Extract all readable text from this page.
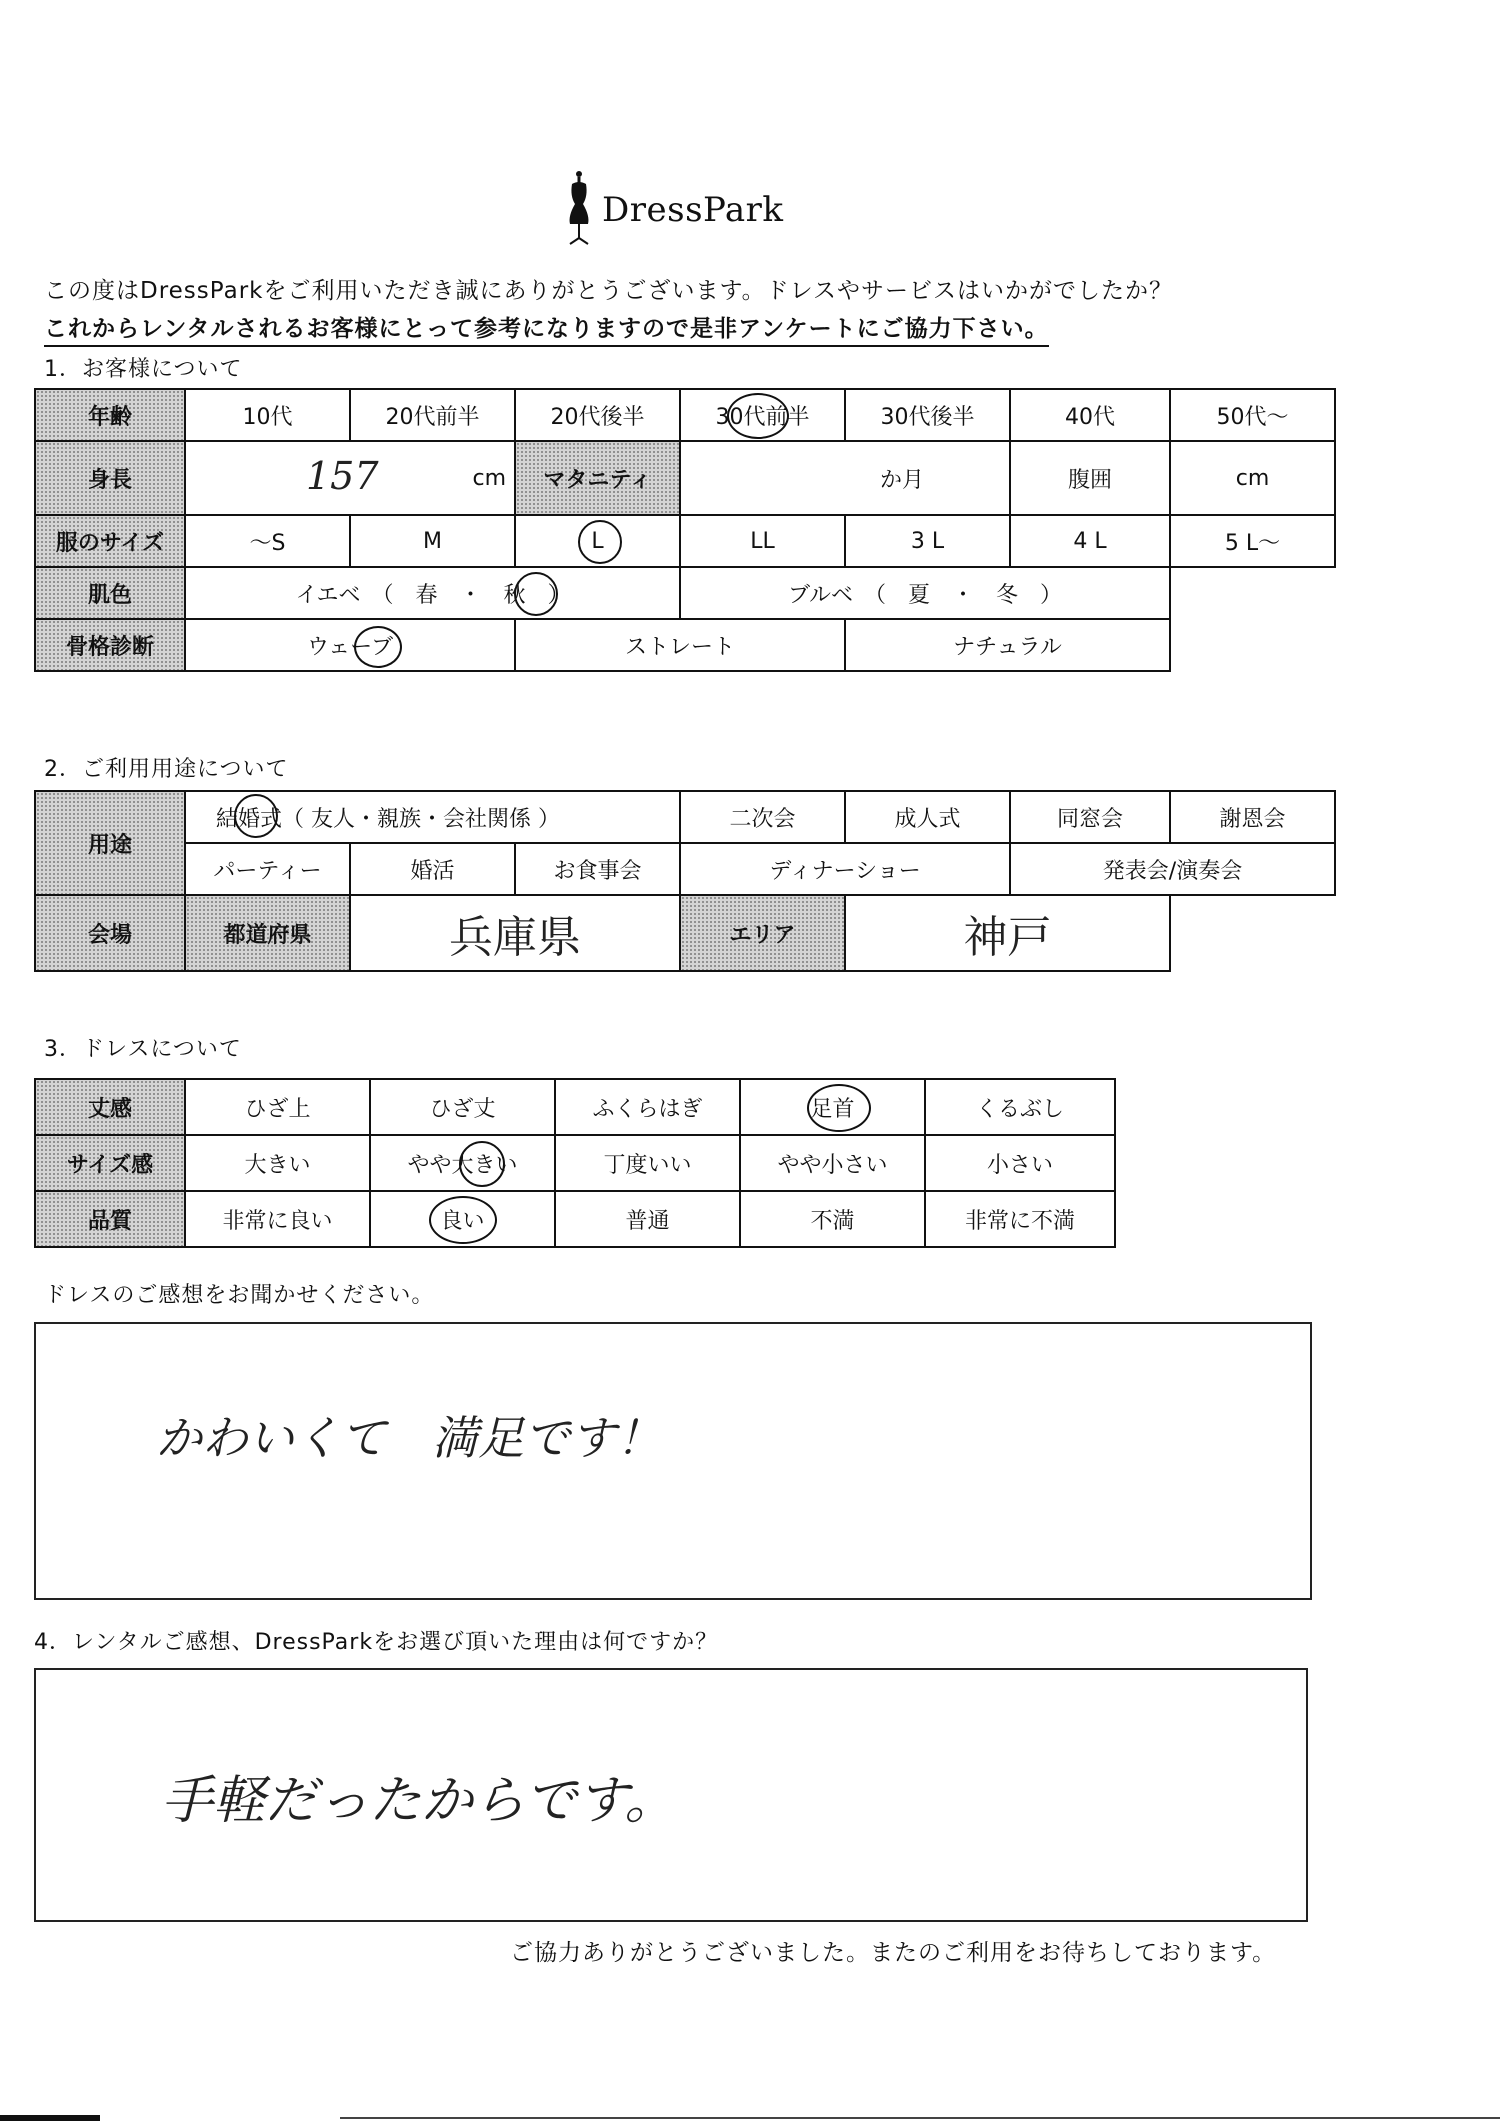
DressPark
この度はDressParkをご利用いただき誠にありがとうございます。ドレスやサービスはいかがでしたか？
これからレンタルされるお客様にとって参考になりますので是非アンケートにご協力下さい。
1．お客様について
年齢	10代	20代前半	20代後半	30代前半	30代後半	40代	50代～
身長	157 cm		マタニティ	か月		腹囲	cm
服のサイズ	～S	M	L	LL	3 L	4 L	5 L～
肌色	イエベ　（　春　・　秋　）			ブルベ　（　夏　・　冬　）			
骨格診断	ウェーブ		ストレート		ナチュラル		
2．ご利用用途について
用途	結婚式（ 友人・親族・会社関係 ）			二次会	成人式	同窓会	謝恩会
	パーティー	婚活	お食事会	ディナーショー		発表会/演奏会	
会場	都道府県	兵庫県		エリア	神戸		
3．ドレスについて
丈感	ひざ上	ひざ丈	ふくらはぎ	足首	くるぶし
サイズ感	大きい	やや大きい	丁度いい	やや小さい	小さい
品質	非常に良い	良い	普通	不満	非常に不満
ドレスのご感想をお聞かせください。
かわいくて　満足です！
4．レンタルご感想、DressParkをお選び頂いた理由は何ですか？
手軽だったからです。
ご協力ありがとうございました。またのご利用をお待ちしております。
